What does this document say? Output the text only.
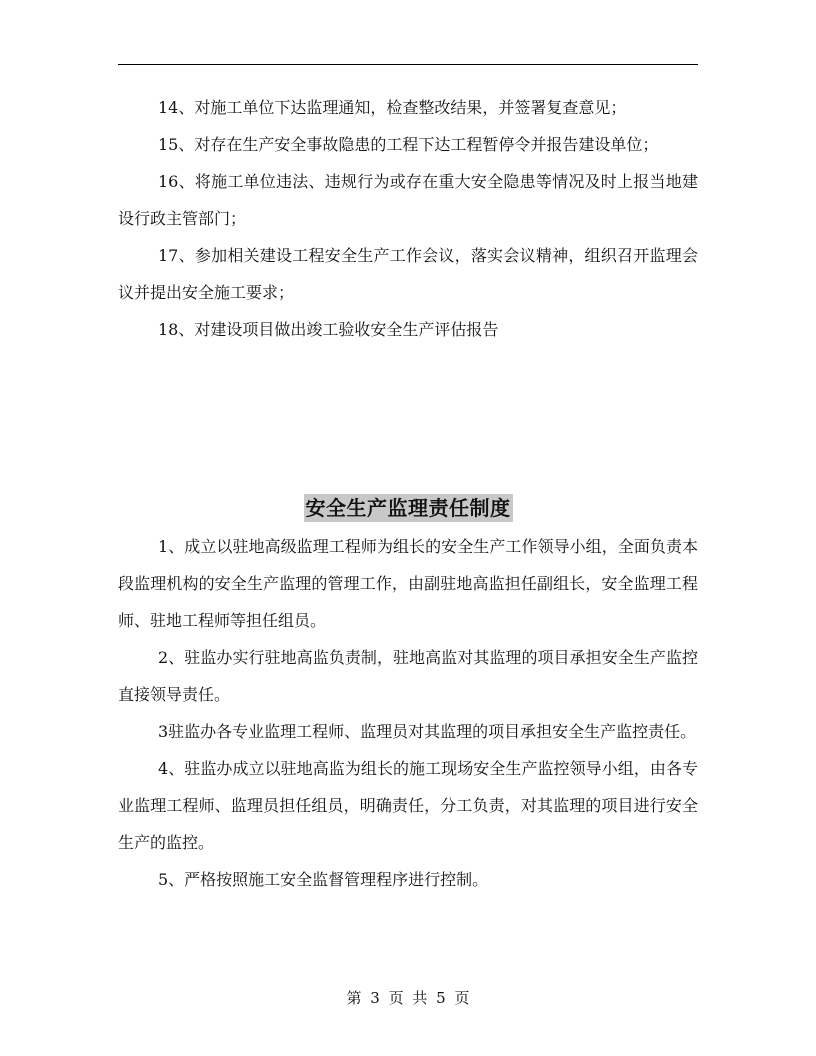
14、对施工单位下达监理通知，检查整改结果，并签署复查意见；

15、对存在生产安全事故隐患的工程下达工程暂停令并报告建设单位；

16、将施工单位违法、违规行为或存在重大安全隐患等情况及时上报当地建设行政主管部门；

17、参加相关建设工程安全生产工作会议，落实会议精神，组织召开监理会议并提出安全施工要求；

18、对建设项目做出竣工验收安全生产评估报告

安全生产监理责任制度

1、成立以驻地高级监理工程师为组长的安全生产工作领导小组，全面负责本段监理机构的安全生产监理的管理工作，由副驻地高监担任副组长，安全监理工程师、驻地工程师等担任组员。

2、驻监办实行驻地高监负责制，驻地高监对其监理的项目承担安全生产监控直接领导责任。

3驻监办各专业监理工程师、监理员对其监理的项目承担安全生产监控责任。

4、驻监办成立以驻地高监为组长的施工现场安全生产监控领导小组，由各专业监理工程师、监理员担任组员，明确责任，分工负责，对其监理的项目进行安全生产的监控。

5、严格按照施工安全监督管理程序进行控制。

第 3 页 共 5 页
